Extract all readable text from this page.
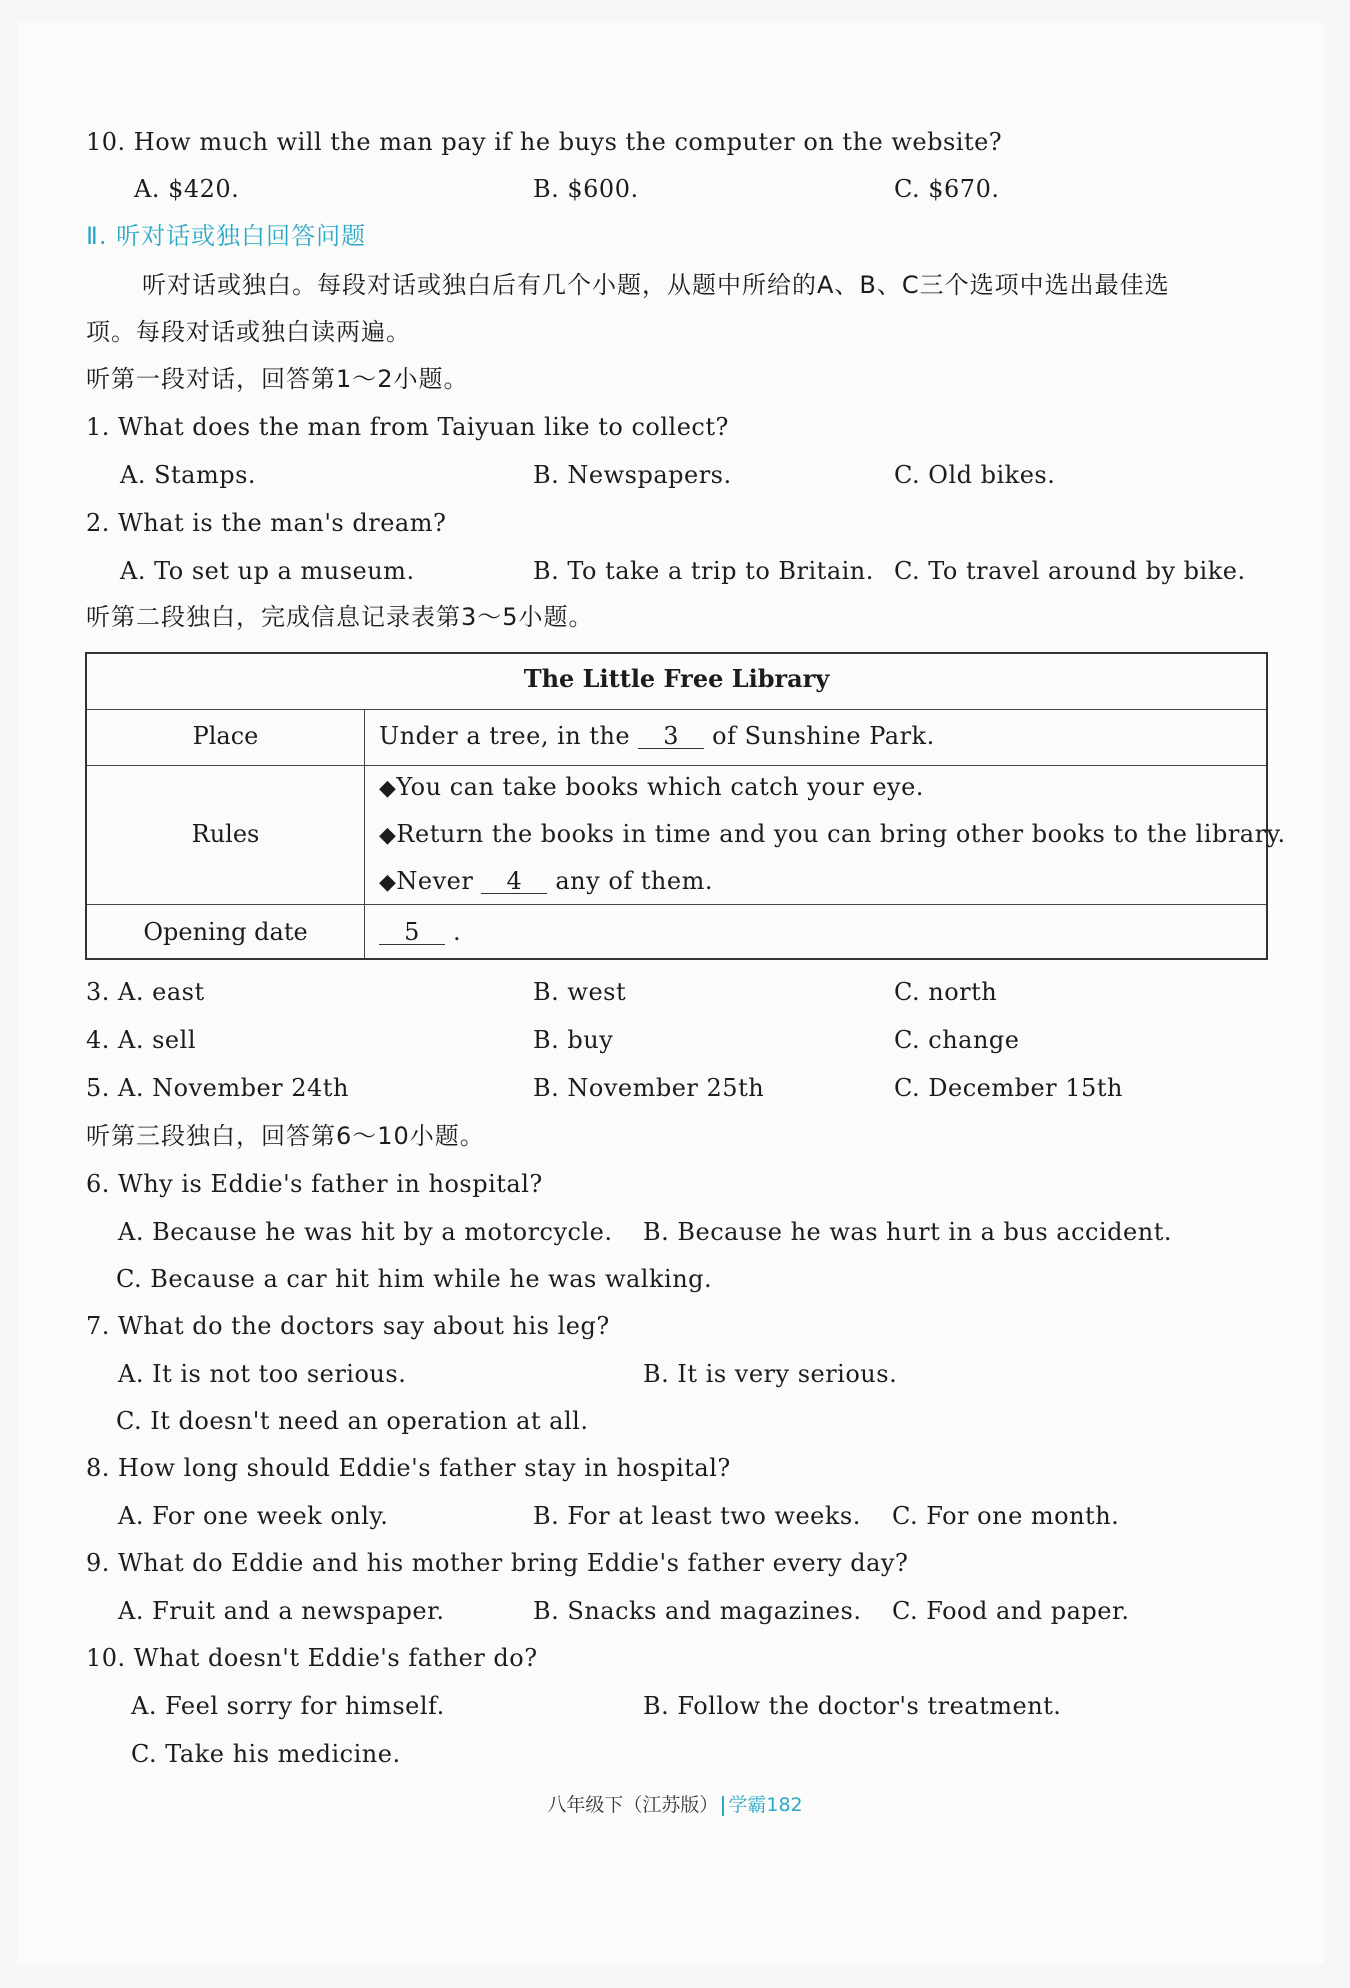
10. How much will the man pay if he buys the computer on the website?
A. $420.	B. $600.	C. $670.
Ⅱ. 听对话或独白回答问题
听对话或独白。每段对话或独白后有几个小题，从题中所给的A、B、C三个选项中选出最佳选
项。每段对话或独白读两遍。
听第一段对话，回答第1～2小题。
1. What does the man from Taiyuan like to collect?
A. Stamps.	B. Newspapers.	C. Old bikes.
2. What is the man's dream?
A. To set up a museum.	B. To take a trip to Britain. C. To travel around by bike.
听第二段独白，完成信息记录表第3～5小题。
The Little Free Library
Place	Under a tree, in the 3 of Sunshine Park.
Rules
◆You can take books which catch your eye.
◆Return the books in time and you can bring other books to the library.
◆Never 4 any of them.
Opening date	5 .
3. A. east	B. west	C. north
4. A. sell	B. buy	C. change
5. A. November 24th	B. November 25th	C. December 15th
听第三段独白，回答第6～10小题。
6. Why is Eddie's father in hospital?
A. Because he was hit by a motorcycle. B. Because he was hurt in a bus accident.
C. Because a car hit him while he was walking.
7. What do the doctors say about his leg?
A. It is not too serious.	B. It is very serious.
C. It doesn't need an operation at all.
8. How long should Eddie's father stay in hospital?
A. For one week only.	B. For at least two weeks. C. For one month.
9. What do Eddie and his mother bring Eddie's father every day?
A. Fruit and a newspaper.	B. Snacks and magazines. C. Food and paper.
10. What doesn't Eddie's father do?
A. Feel sorry for himself.	B. Follow the doctor's treatment.
C. Take his medicine.
八年级下（江苏版） 学霸182
